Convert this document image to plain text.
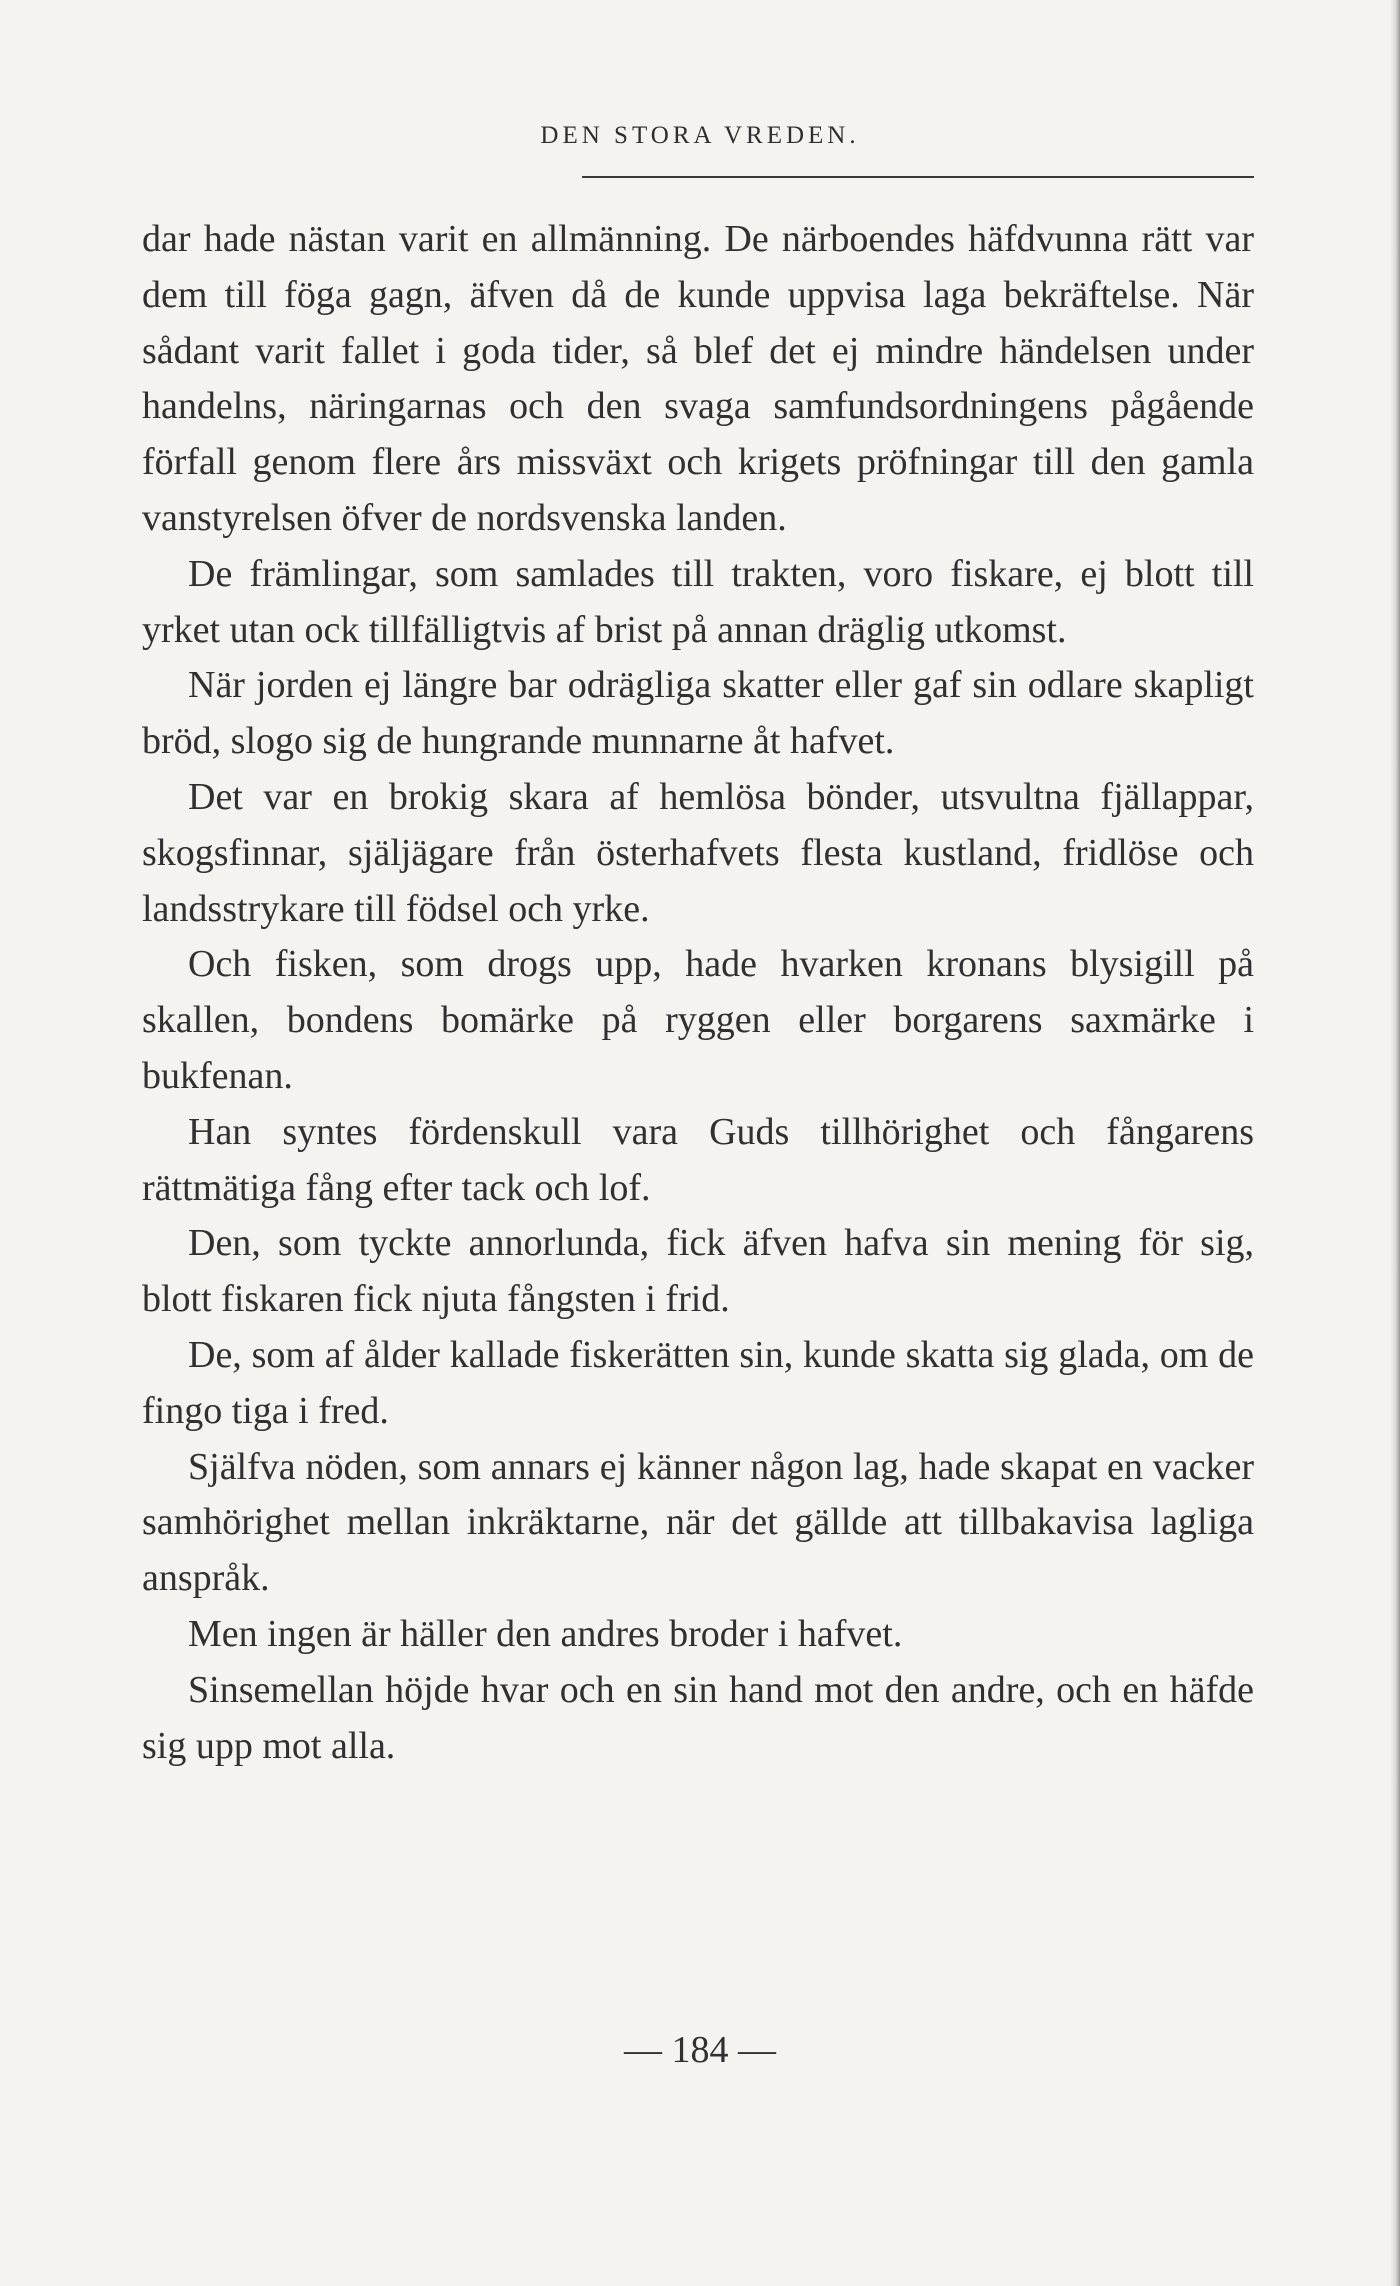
DEN STORA VREDEN.

dar hade nästan varit en allmänning. De närboendes häfdvunna rätt var dem till föga gagn, äfven då de kunde uppvisa laga bekräftelse. När sådant varit fallet i goda tider, så blef det ej mindre händelsen under handelns, näringarnas och den svaga samfundsordningens pågående förfall genom flere års missväxt och krigets pröfningar till den gamla vanstyrelsen öfver de nordsvenska landen.

De främlingar, som samlades till trakten, voro fiskare, ej blott till yrket utan ock tillfälligtvis af brist på annan dräglig utkomst.

När jorden ej längre bar odrägliga skatter eller gaf sin odlare skapligt bröd, slogo sig de hungrande munnarne åt hafvet.

Det var en brokig skara af hemlösa bönder, utsvultna fjällappar, skogsfinnar, själjägare från österhafvets flesta kustland, fridlöse och landsstrykare till födsel och yrke.

Och fisken, som drogs upp, hade hvarken kronans blysigill på skallen, bondens bomärke på ryggen eller borgarens saxmärke i bukfenan.

Han syntes fördenskull vara Guds tillhörighet och fångarens rättmätiga fång efter tack och lof.

Den, som tyckte annorlunda, fick äfven hafva sin mening för sig, blott fiskaren fick njuta fångsten i frid.

De, som af ålder kallade fiskerätten sin, kunde skatta sig glada, om de fingo tiga i fred.

Själfva nöden, som annars ej känner någon lag, hade skapat en vacker samhörighet mellan inkräktarne, när det gällde att tillbakavisa lagliga anspråk.

Men ingen är häller den andres broder i hafvet.

Sinsemellan höjde hvar och en sin hand mot den andre, och en häfde sig upp mot alla.

— 184 —
